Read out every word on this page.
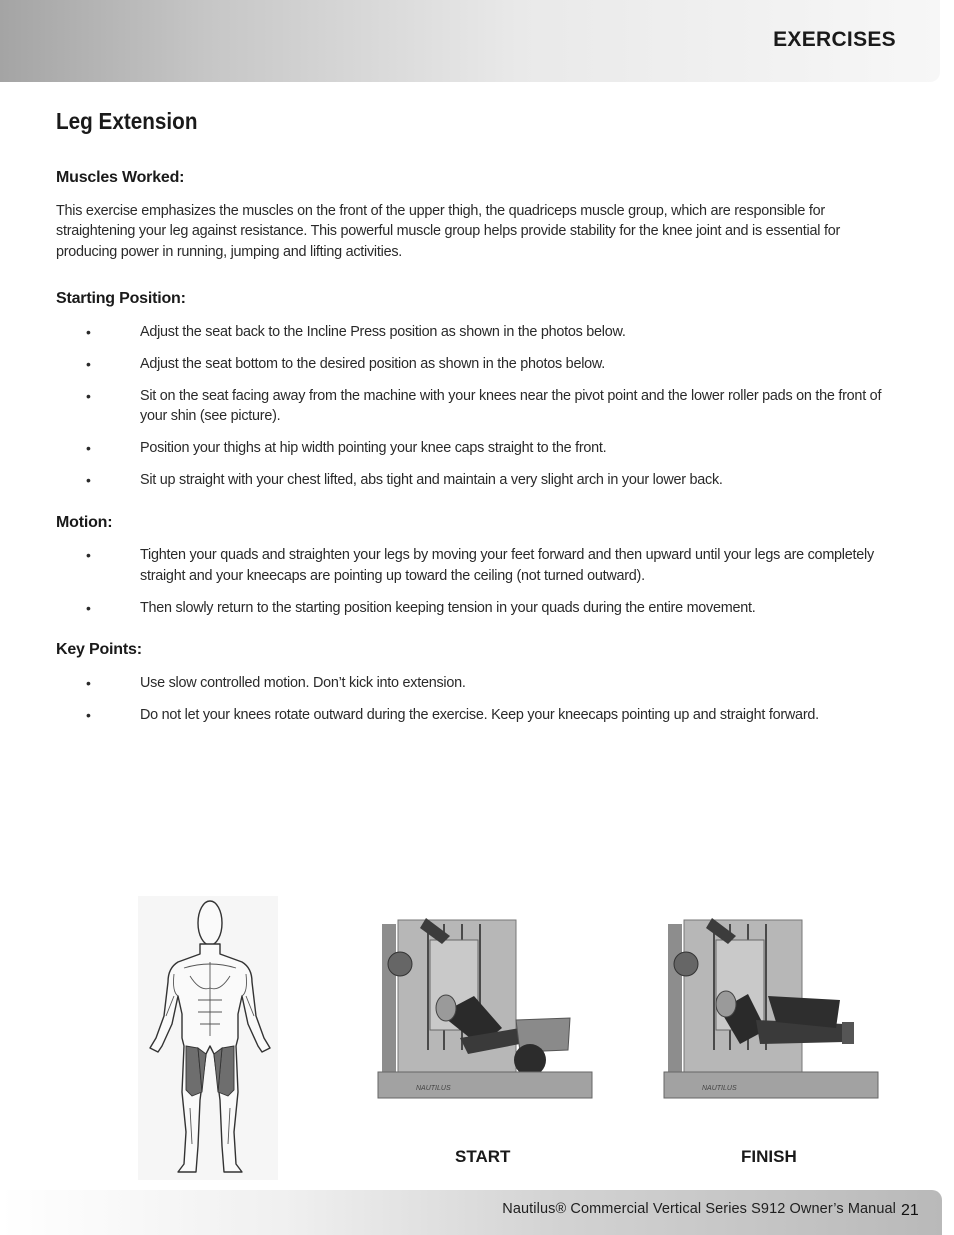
EXERCISES
Leg Extension
Muscles Worked:

This exercise emphasizes the muscles on the front of the upper thigh, the quadriceps muscle group, which are responsible for straightening your leg against resistance. This powerful muscle group helps provide stability for the knee joint and is essential for producing power in running, jumping and lifting activities.

Starting Position:
•	Adjust the seat back to the Incline Press position as shown in the photos below.
•	Adjust the seat bottom to the desired position as shown in the photos below.
•	Sit on the seat facing away from the machine with your knees near the pivot point and the lower roller pads on the front of your shin (see picture).
•	Position your thighs at hip width pointing your knee caps straight to the front.
•	Sit up straight with your chest lifted, abs tight and maintain a very slight arch in your lower back.
Motion:
•	Tighten your quads and straighten your legs by moving your feet forward and then upward until your legs are completely straight and your kneecaps are pointing up toward the ceiling (not turned outward).
•	Then slowly return to the starting position keeping tension in your quads during the entire movement.
Key Points:
•	Use slow controlled motion. Don’t kick into extension.
•	Do not let your knees rotate outward during the exercise. Keep your kneecaps pointing up and straight forward.
NAUTILUS	NAUTILUS
START	FINISH
Nautilus® Commercial Vertical Series S912 Owner’s Manual 21
